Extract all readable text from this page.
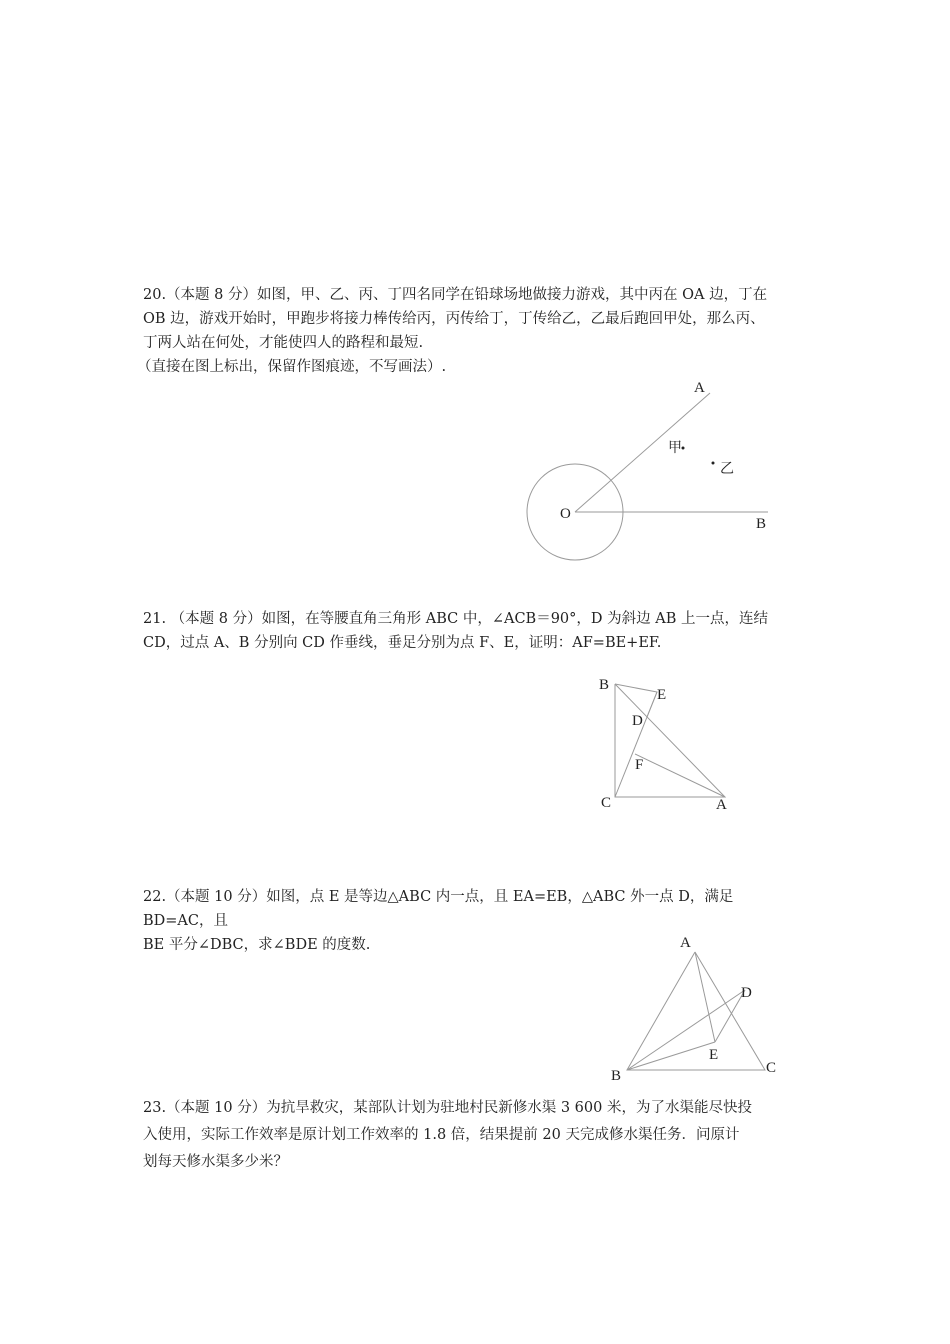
20.（本题 8 分）如图，甲、乙、丙、丁四名同学在铅球场地做接力游戏，其中丙在 OA 边，丁在

OB 边，游戏开始时，甲跑步将接力棒传给丙，丙传给丁，丁传给乙，乙最后跑回甲处，那么丙、

丁两人站在何处，才能使四人的路程和最短.

（直接在图上标出，保留作图痕迹，不写画法）.

A
O
B
甲
乙

21. （本题 8 分）如图，在等腰直角三角形 ABC 中，∠ACB＝90°，D 为斜边 AB 上一点，连结

CD，过点 A、B 分别向 CD 作垂线，垂足分别为点 F、E，证明：AF=BE+EF.

B
E
D
F
C	A

22.（本题 10 分）如图，点 E 是等边△ABC 内一点，且 EA=EB，△ABC 外一点 D，满足 BD=AC，且

BE 平分∠DBC，求∠BDE 的度数.	A
D
E
B	C

23.（本题 10 分）为抗旱救灾，某部队计划为驻地村民新修水渠 3 600 米，为了水渠能尽快投

入使用，实际工作效率是原计划工作效率的 1.8 倍，结果提前 20 天完成修水渠任务．问原计

划每天修水渠多少米？
